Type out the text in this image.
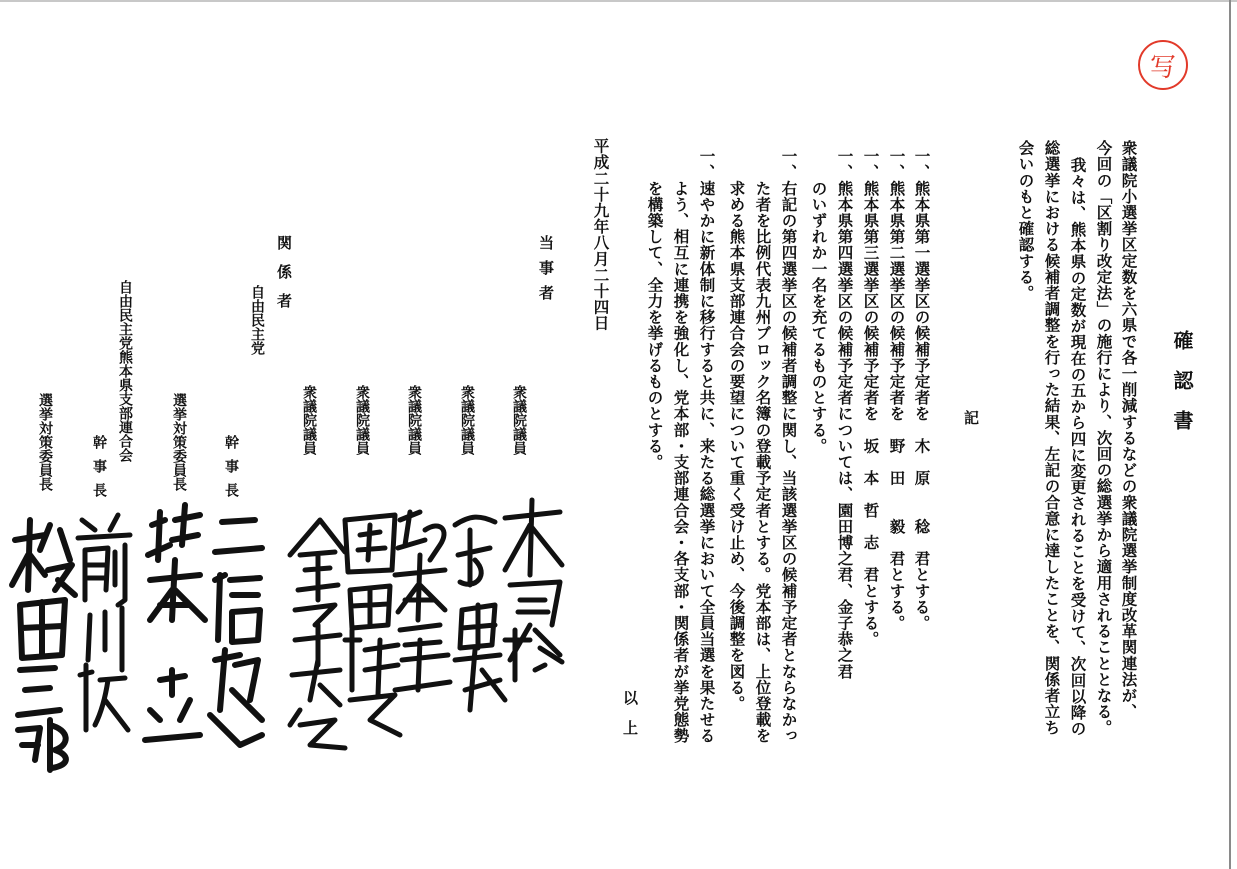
写
確認書
衆議院小選挙区定数を六県で各一削減するなどの衆議院選挙制度改革関連法が、
今回の「区割り改定法」の施行により、次回の総選挙から適用されることとなる。
我々は、熊本県の定数が現在の五から四に変更されることを受けて、次回以降の
総選挙における候補者調整を行った結果、左記の合意に達したことを、関係者立ち
会いのもと確認する。
記
一、熊本県第一選挙区の候補予定者を　木　原　　稔　君とする。
一、熊本県第二選挙区の候補予定者を　野　田　　毅　君とする。
一、熊本県第三選挙区の候補予定者を　坂　本　哲　志　君とする。
一、熊本県第四選挙区の候補予定者については、園田博之君、金子恭之君
　　のいずれか一名を充てるものとする。
一、右記の第四選挙区の候補者調整に関し、当該選挙区の候補予定者とならなかっ
　　た者を比例代表九州ブロック名簿の登載予定者とする。党本部は、上位登載を
　　求める熊本県支部連合会の要望について重く受け止め、今後調整を図る。
一、速やかに新体制に移行すると共に、来たる総選挙において全員当選を果たせる
　　よう、相互に連携を強化し、党本部・支部連合会・各支部・関係者が挙党態勢
　　を構築して、全力を挙げるものとする。
以　上
平成二十九年八月二十四日
当事者
衆議院議員
衆議院議員
衆議院議員
衆議院議員
衆議院議員
関係者
自由民主党
幹事長
選挙対策委員長
自由民主党熊本県支部連合会
幹事長
選挙対策委員長
